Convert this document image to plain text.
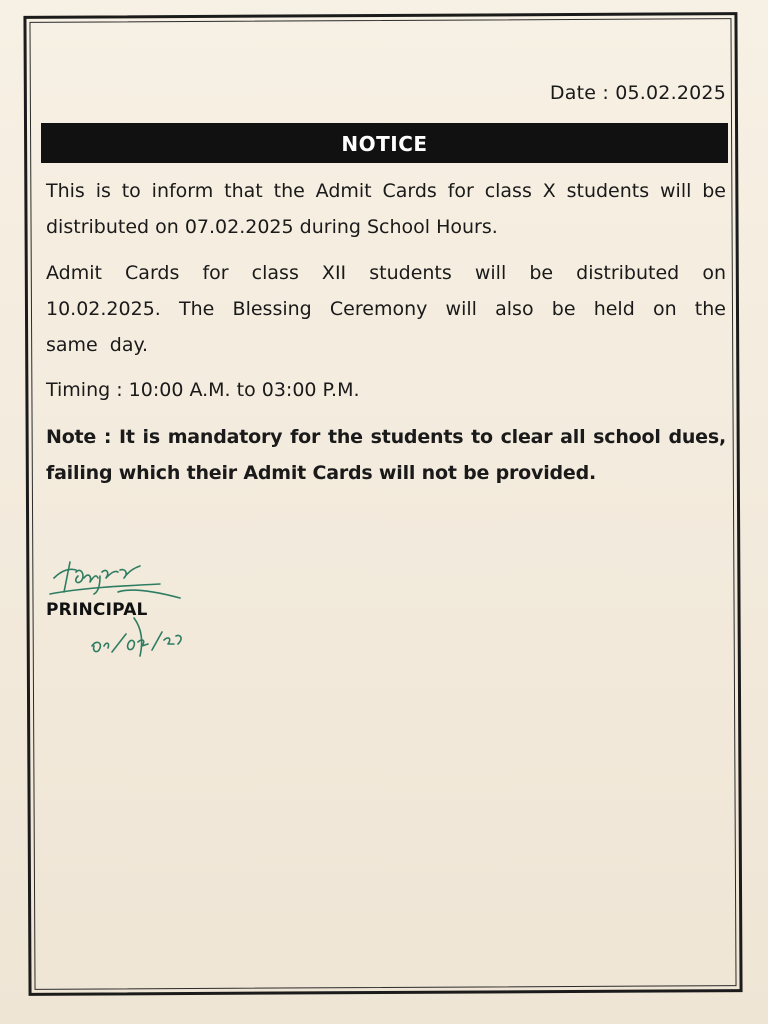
Date : 05.02.2025
NOTICE
This is to inform that the Admit Cards for class X students will be distributed on 07.02.2025 during School Hours.
Admit Cards for class XII students will be distributed on 10.02.2025. The Blessing Ceremony will also be held on the same day.
Timing : 10:00 A.M. to 03:00 P.M.
Note : It is mandatory for the students to clear all school dues, failing which their Admit Cards will not be provided.
PRINCIPAL
